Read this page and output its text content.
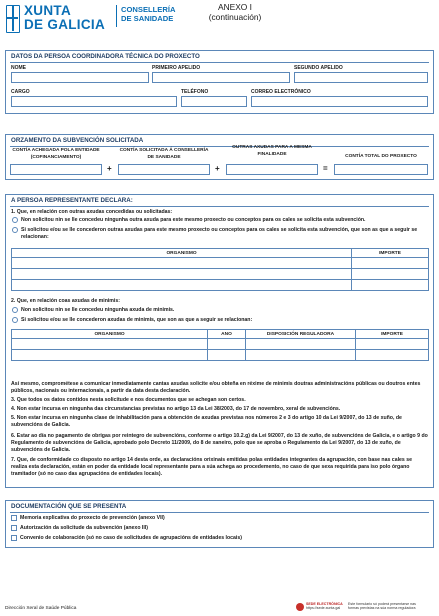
XUNTA
DE GALICIA
CONSELLERÍA
DE SANIDADE
ANEXO I
(continuación)
DATOS DA PERSOA COORDINADORA TÉCNICA DO PROXECTO
NOME	PRIMEIRO APELIDO	SEGUNDO APELIDO
CARGO	TELÉFONO	CORREO ELECTRÓNICO
ORZAMENTO DA SUBVENCIÓN SOLICITADA
CONTÍA ACHEGADA POLA ENTIDADE (COFINANCIAMENTO)
+
CONTÍA SOLICITADA Á CONSELLERÍA DE SANIDADE
+
OUTRAS AXUDAS PARA A MESMA FINALIDADE
=
CONTÍA TOTAL DO PROXECTO
A PERSOA REPRESENTANTE DECLARA:
1. Que, en relación con outras axudas concedidas ou solicitadas:
Non solicitou nin se lle concedeu ningunha outra axuda para este mesmo proxecto ou conceptos para os cales se solicita esta subvención.
Si solicitou e/ou se lle concederon outras axudas para este mesmo proxecto ou conceptos para os cales se solicita esta subvención, que son as que a seguir se relacionan:
ORGANISMO	IMPORTE

2. Que, en relación coas axudas de minimis:
Non solicitou nin se lle concedeu ningunha axuda de minimis.
Si solicitou e/ou se lle concederon axudas de minimis, que son as que a seguir se relacionan:
ORGANISMO	ANO	DISPOSICIÓN REGULADORA	IMPORTE

Así mesmo, comprométese a comunicar inmediatamente cantas axudas solicite e/ou obteña en réxime de minimis doutras administracións públicas ou doutros entes públicos, nacionais ou internacionais, a partir da data desta declaración.
3. Que todos os datos contidos nesta solicitude e nos documentos que se achegan son certos.
4. Non estar incursa en ningunha das circunstancias previstas no artigo 13 da Lei 38/2003, do 17 de novembro, xeral de subvencións.
5. Non estar incursa en ningunha clase de inhabilitación para a obtención de axudas previstas nos números 2 e 3 do artigo 10 da Lei 9/2007, do 13 de xuño, de subvencións de Galicia.
6. Estar ao día no pagamento de obrigas por reintegro de subvencións, conforme o artigo 10.2.g) da Lei 9/2007, do 13 de xuño, de subvencións de Galicia, e o artigo 9 do Regulamento de subvencións de Galicia, aprobado polo Decreto 11/2009, do 8 de xaneiro, polo que se aproba o Regulamento da Lei 9/2007, do 13 de xuño, de subvencións de Galicia.
7. Que, de conformidade co disposto no artigo 14 desta orde, as declaracións orixinais emitidas polas entidades integrantes da agrupación, con base nas cales se realiza esta declaración, están en poder da entidade local representante para a súa achega ao procedemento, no caso de que sexa requirida para iso polo órgano tramitador (só no caso das agrupacións de entidades locais).
DOCUMENTACIÓN QUE SE PRESENTA
Memoria explicativa do proxecto de prevención (anexo VII)
Autorización da solicitude da subvención (anexo III)
Convenio de colaboración (só no caso de solicitudes de agrupacións de entidades locais)
Dirección Xeral de Saúde Pública
SEDE ELECTRÓNICA
https://sede.xunta.gal
Este formulario só poderá presentarse nas
formas previstas na súa norma reguladora
